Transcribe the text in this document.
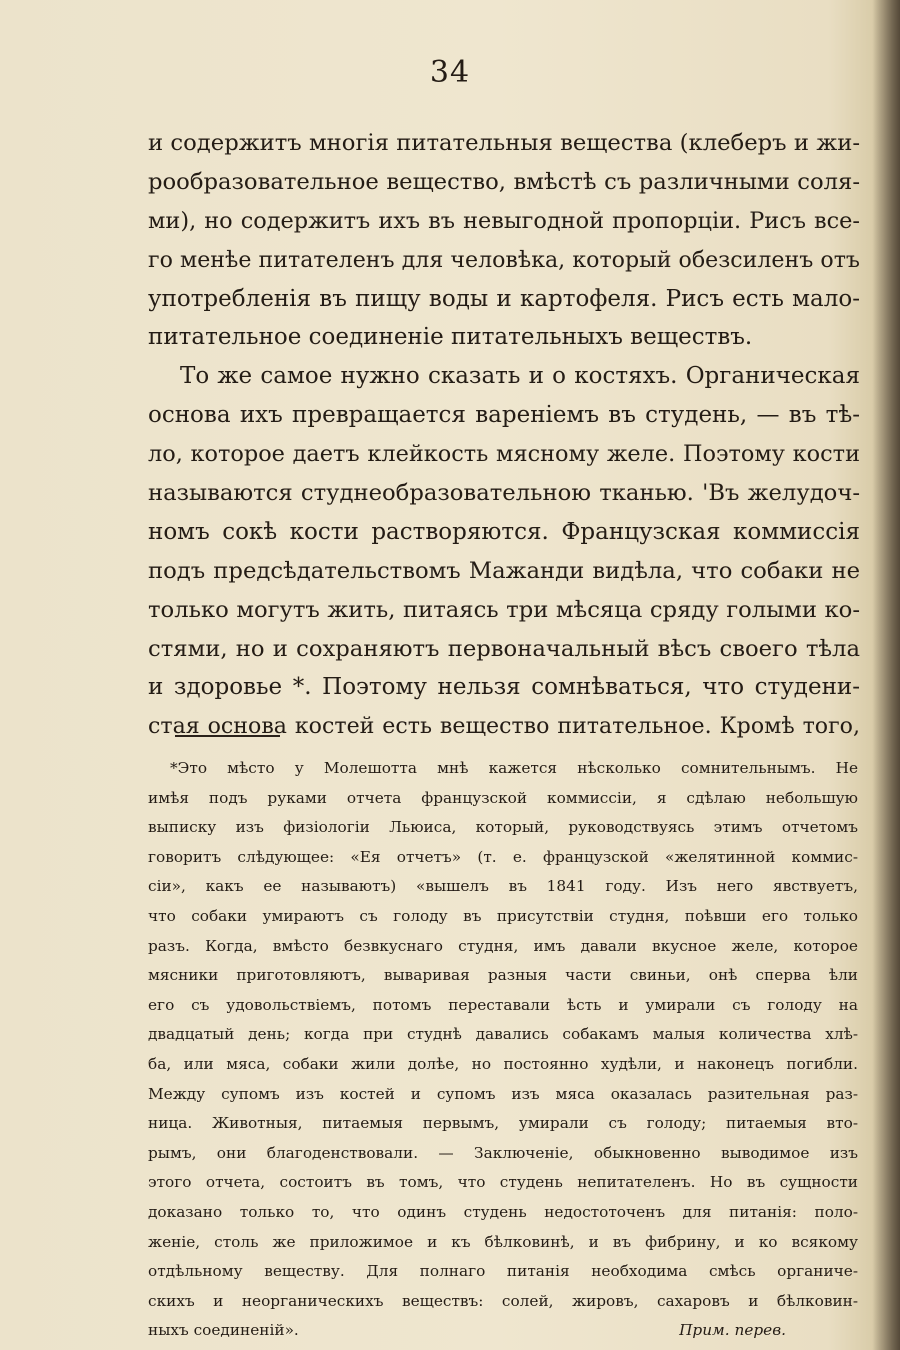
34
и содержитъ многія питательныя вещества (клеберъ и жи-
рообразовательное вещество, вмѣстѣ съ различными соля-
ми), но содержитъ ихъ въ невыгодной пропорціи. Рисъ все-
го менѣе питателенъ для человѣка, который обезсиленъ отъ
употребленія въ пищу воды и картофеля. Рисъ есть мало-
питательное соединеніе питательныхъ веществъ.
То же самое нужно сказать и о костяхъ. Органическая
основа ихъ превращается вареніемъ въ студень, — въ тѣ-
ло, которое даетъ клейкость мясному желе. Поэтому кости
называются студнеобразовательною тканью. 'Въ желудоч-
номъ сокѣ кости растворяются. Французская коммиссія
подъ предсѣдательствомъ Мажанди видѣла, что собаки не
только могутъ жить, питаясь три мѣсяца сряду голыми ко-
стями, но и сохраняютъ первоначальный вѣсъ своего тѣла
и здоровье *. Поэтому нельзя сомнѣваться, что студени-
стая основа костей есть вещество питательное. Кромѣ того,
*Это мѣсто у Молешотта мнѣ кажется нѣсколько сомнительнымъ. Не
имѣя подъ руками отчета французской коммиссіи, я сдѣлаю небольшую
выписку изъ физіологіи Льюиса, который, руководствуясь этимъ отчетомъ
говоритъ слѣдующее: «Ея отчетъ» (т. е. французской «желятинной коммис-
сіи», какъ ее называютъ) «вышелъ въ 1841 году. Изъ него явствуетъ,
что собаки умираютъ съ голоду въ присутствіи студня, поѣвши его только
разъ. Когда, вмѣсто безвкуснаго студня, имъ давали вкусное желе, которое
мясники приготовляютъ, вываривая разныя части свиньи, онѣ сперва ѣли
его съ удовольствіемъ, потомъ переставали ѣсть и умирали съ голоду на
двадцатый день; когда при студнѣ давались собакамъ малыя количества хлѣ-
ба, или мяса, собаки жили долѣе, но постоянно худѣли, и наконецъ погибли.
Между супомъ изъ костей и супомъ изъ мяса оказалась разительная раз-
ница. Животныя, питаемыя первымъ, умирали съ голоду; питаемыя вто-
рымъ, они благоденствовали. — Заключеніе, обыкновенно выводимое изъ
этого отчета, состоитъ въ томъ, что студень непитателенъ. Но въ сущности
доказано только то, что одинъ студень недостоточенъ для питанія: поло-
женіе, столь же приложимое и къ бѣлковинѣ, и въ фибрину, и ко всякому
отдѣльному веществу. Для полнаго питанія необходима смѣсь органиче-
скихъ и неорганическихъ веществъ: солей, жировъ, сахаровъ и бѣлковин-
ныхъ соединеній».	Прим. перев.
